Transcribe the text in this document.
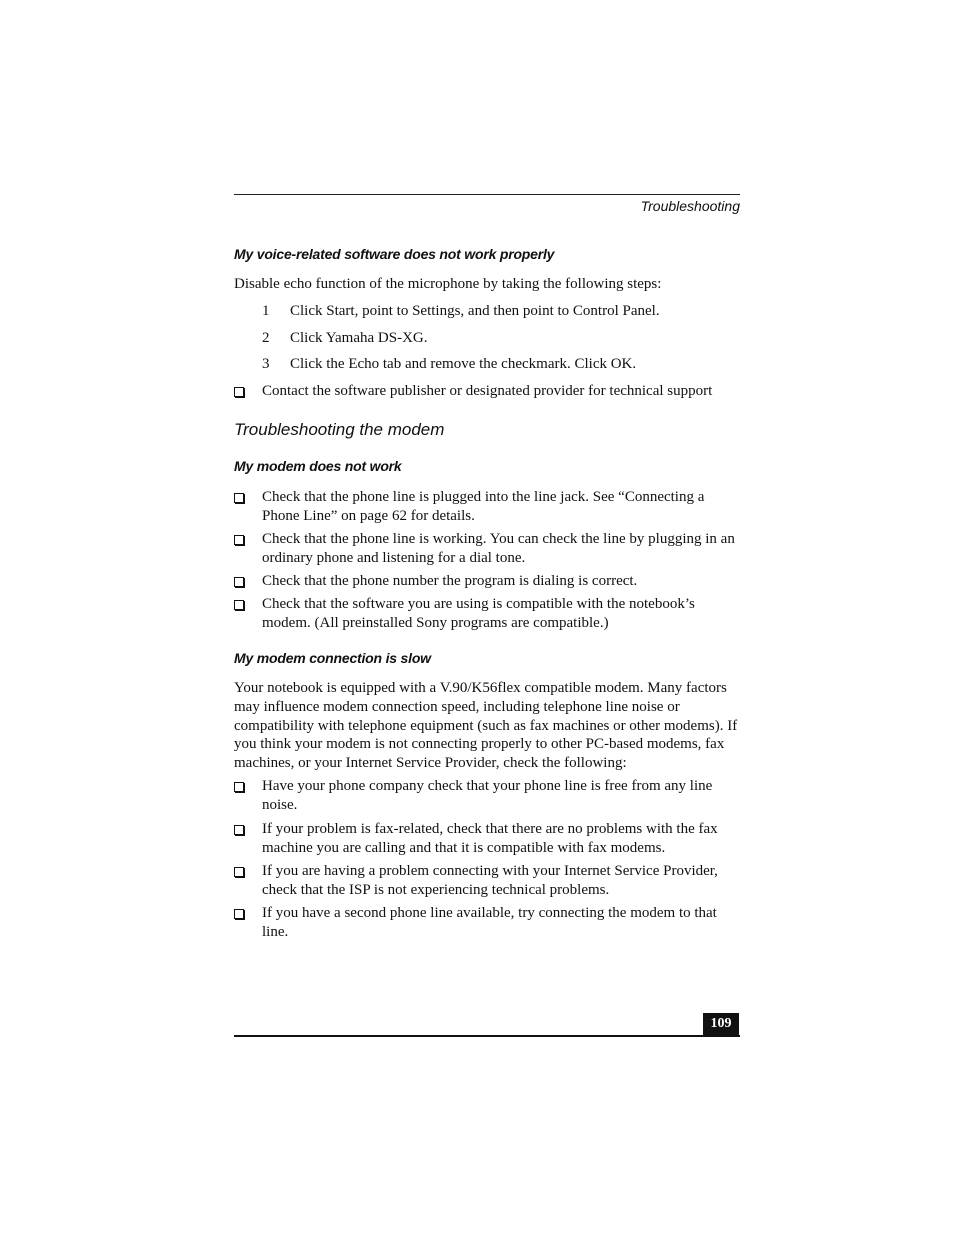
Troubleshooting
My voice-related software does not work properly
Disable echo function of the microphone by taking the following steps:
1 Click Start, point to Settings, and then point to Control Panel.
2 Click Yamaha DS-XG.
3 Click the Echo tab and remove the checkmark. Click OK.
Contact the software publisher or designated provider for technical support
Troubleshooting the modem
My modem does not work
Check that the phone line is plugged into the line jack. See “Connecting a Phone Line” on page 62 for details.
Check that the phone line is working. You can check the line by plugging in an ordinary phone and listening for a dial tone.
Check that the phone number the program is dialing is correct.
Check that the software you are using is compatible with the notebook’s modem. (All preinstalled Sony programs are compatible.)
My modem connection is slow
Your notebook is equipped with a V.90/K56flex compatible modem. Many factors may influence modem connection speed, including telephone line noise or compatibility with telephone equipment (such as fax machines or other modems). If you think your modem is not connecting properly to other PC-based modems, fax machines, or your Internet Service Provider, check the following:
Have your phone company check that your phone line is free from any line noise.
If your problem is fax-related, check that there are no problems with the fax machine you are calling and that it is compatible with fax modems.
If you are having a problem connecting with your Internet Service Provider, check that the ISP is not experiencing technical problems.
If you have a second phone line available, try connecting the modem to that line.
109
